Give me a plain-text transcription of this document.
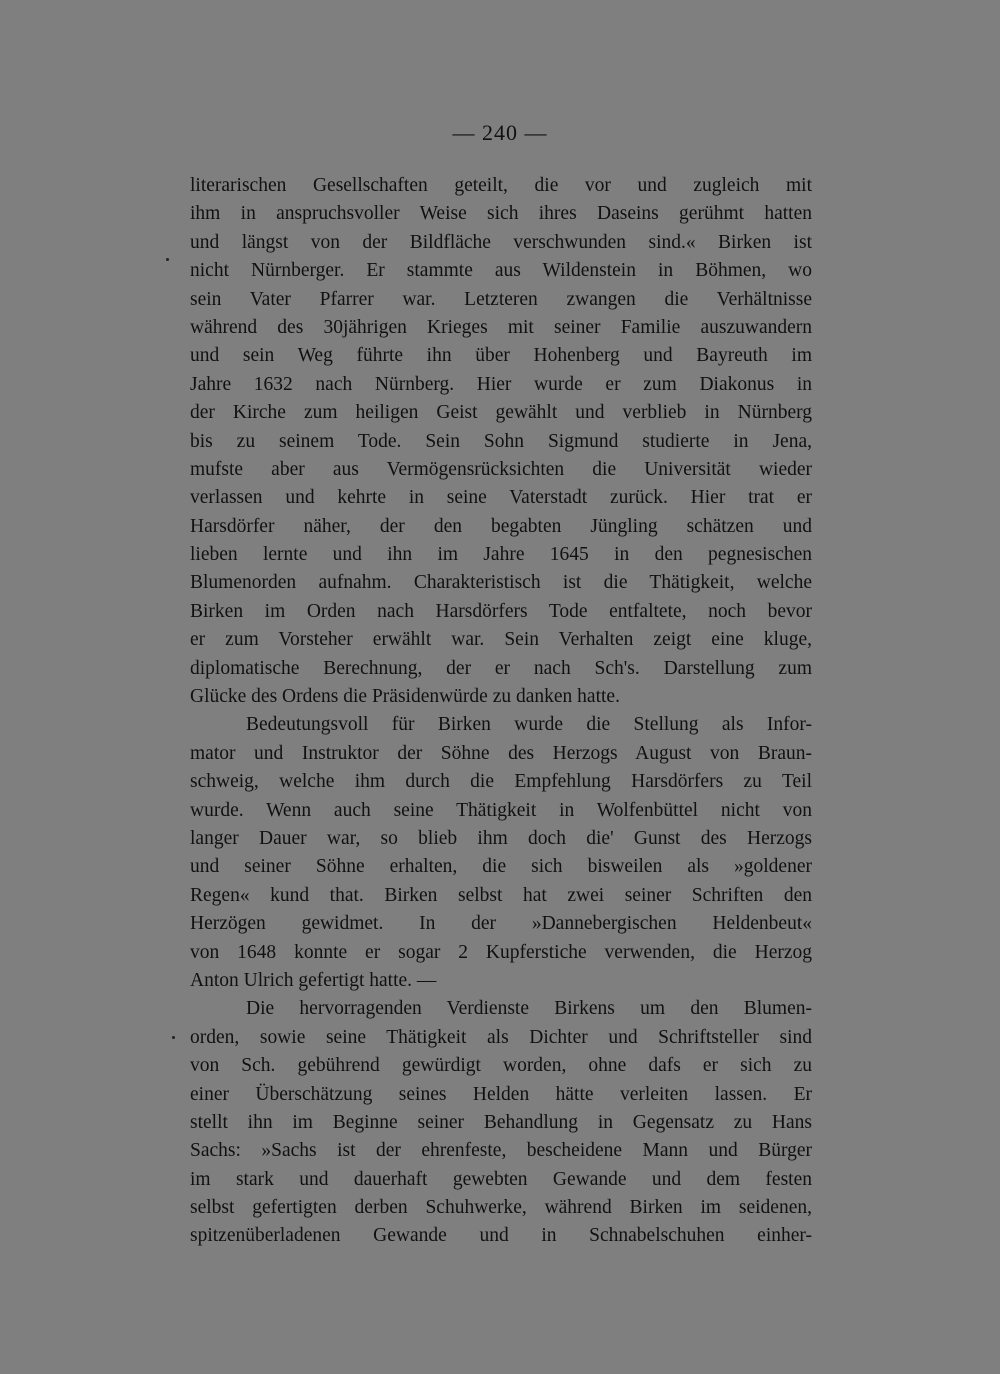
— 240 —
literarischen Gesellschaften geteilt, die vor und zugleich mit
ihm in anspruchsvoller Weise sich ihres Daseins gerühmt hatten
und längst von der Bildfläche verschwunden sind.« Birken ist
nicht Nürnberger. Er stammte aus Wildenstein in Böhmen, wo
sein Vater Pfarrer war. Letzteren zwangen die Verhältnisse
während des 30jährigen Krieges mit seiner Familie auszuwandern
und sein Weg führte ihn über Hohenberg und Bayreuth im
Jahre 1632 nach Nürnberg. Hier wurde er zum Diakonus in
der Kirche zum heiligen Geist gewählt und verblieb in Nürnberg
bis zu seinem Tode. Sein Sohn Sigmund studierte in Jena,
mufste aber aus Vermögensrücksichten die Universität wieder
verlassen und kehrte in seine Vaterstadt zurück. Hier trat er
Harsdörfer näher, der den begabten Jüngling schätzen und
lieben lernte und ihn im Jahre 1645 in den pegnesischen
Blumenorden aufnahm. Charakteristisch ist die Thätigkeit, welche
Birken im Orden nach Harsdörfers Tode entfaltete, noch bevor
er zum Vorsteher erwählt war. Sein Verhalten zeigt eine kluge,
diplomatische Berechnung, der er nach Sch's. Darstellung zum
Glücke des Ordens die Präsidenwürde zu danken hatte.
Bedeutungsvoll für Birken wurde die Stellung als Infor-
mator und Instruktor der Söhne des Herzogs August von Braun-
schweig, welche ihm durch die Empfehlung Harsdörfers zu Teil
wurde. Wenn auch seine Thätigkeit in Wolfenbüttel nicht von
langer Dauer war, so blieb ihm doch die' Gunst des Herzogs
und seiner Söhne erhalten, die sich bisweilen als »goldener
Regen« kund that. Birken selbst hat zwei seiner Schriften den
Herzögen gewidmet. In der »Dannebergischen Heldenbeut«
von 1648 konnte er sogar 2 Kupferstiche verwenden, die Herzog
Anton Ulrich gefertigt hatte. —
Die hervorragenden Verdienste Birkens um den Blumen-
orden, sowie seine Thätigkeit als Dichter und Schriftsteller sind
von Sch. gebührend gewürdigt worden, ohne dafs er sich zu
einer Überschätzung seines Helden hätte verleiten lassen. Er
stellt ihn im Beginne seiner Behandlung in Gegensatz zu Hans
Sachs: »Sachs ist der ehrenfeste, bescheidene Mann und Bürger
im stark und dauerhaft gewebten Gewande und dem festen
selbst gefertigten derben Schuhwerke, während Birken im seidenen,
spitzenüberladenen Gewande und in Schnabelschuhen einher-
